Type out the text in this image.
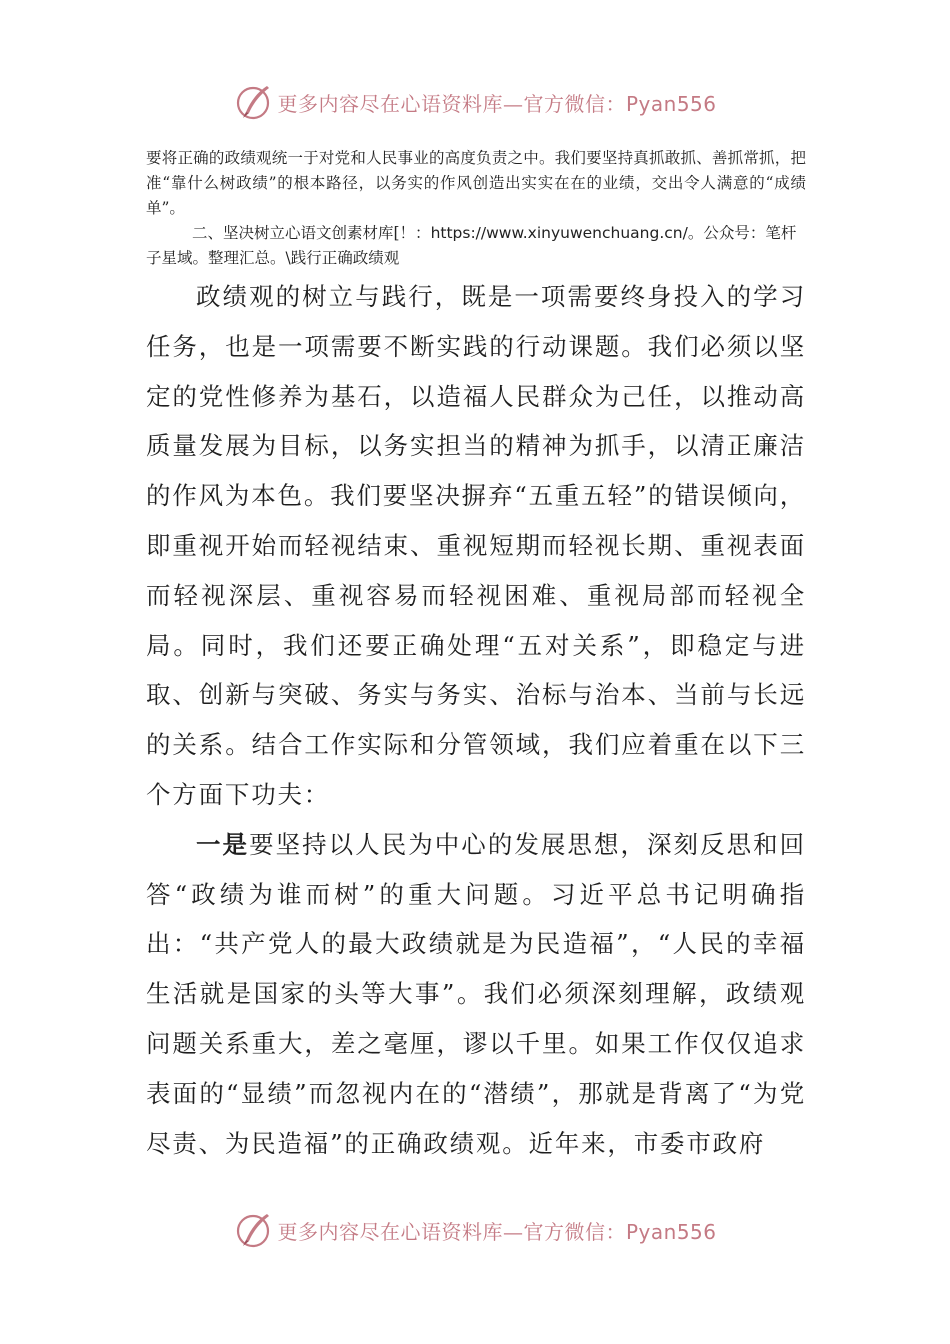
更多内容尽在心语资料库—官方微信：Pyan556

要将正确的政绩观统一于对党和人民事业的高度负责之中。我们要坚持真抓敢抓、善抓常抓，把准“靠什么树政绩”的根本路径，以务实的作风创造出实实在在的业绩，交出令人满意的“成绩单”。

二、坚决树立心语文创素材库[！：https://www.xinyuwenchuang.cn/。公众号：笔杆子星域。整理汇总。\践行正确政绩观

政绩观的树立与践行，既是一项需要终身投入的学习任务，也是一项需要不断实践的行动课题。我们必须以坚定的党性修养为基石，以造福人民群众为己任，以推动高质量发展为目标，以务实担当的精神为抓手，以清正廉洁的作风为本色。我们要坚决摒弃“五重五轻”的错误倾向，即重视开始而轻视结束、重视短期而轻视长期、重视表面而轻视深层、重视容易而轻视困难、重视局部而轻视全局。同时，我们还要正确处理“五对关系”，即稳定与进取、创新与突破、务实与务实、治标与治本、当前与长远的关系。结合工作实际和分管领域，我们应着重在以下三个方面下功夫：

一是要坚持以人民为中心的发展思想，深刻反思和回答“政绩为谁而树”的重大问题。习近平总书记明确指出：“共产党人的最大政绩就是为民造福”，“人民的幸福生活就是国家的头等大事”。我们必须深刻理解，政绩观问题关系重大，差之毫厘，谬以千里。如果工作仅仅追求表面的“显绩”而忽视内在的“潜绩”，那就是背离了“为党尽责、为民造福”的正确政绩观。近年来，市委市政府

更多内容尽在心语资料库—官方微信：Pyan556
